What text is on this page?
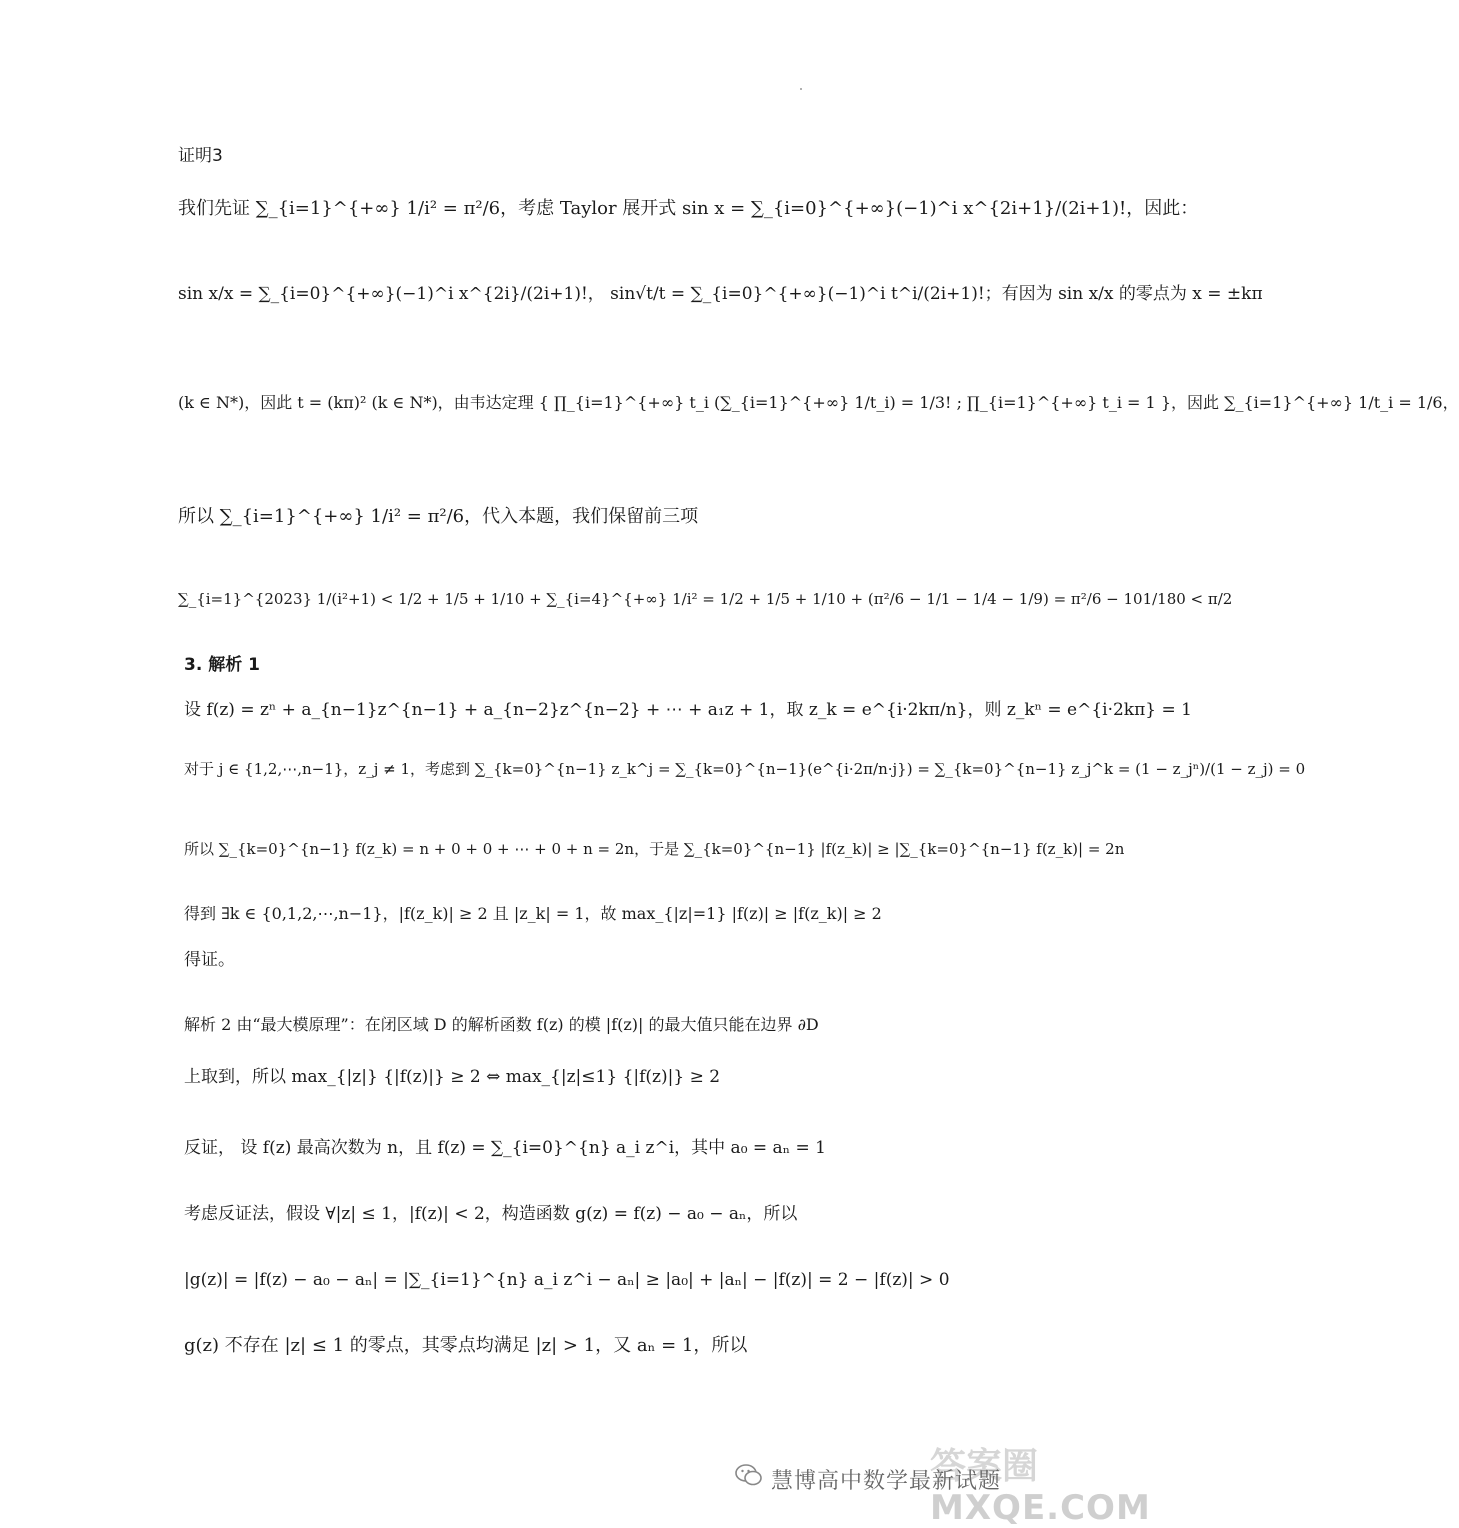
证明3
我们先证 ∑_{i=1}^{+∞} 1/i² = π²/6，考虑 Taylor 展开式 sin x = ∑_{i=0}^{+∞}(−1)^i x^{2i+1}/(2i+1)!，因此：
sin x/x = ∑_{i=0}^{+∞}(−1)^i x^{2i}/(2i+1)!， sin√t/t = ∑_{i=0}^{+∞}(−1)^i t^i/(2i+1)!；有因为 sin x/x 的零点为 x = ±kπ
(k ∈ N*)，因此 t = (kπ)² (k ∈ N*)，由韦达定理 { ∏_{i=1}^{+∞} t_i (∑_{i=1}^{+∞} 1/t_i) = 1/3! ; ∏_{i=1}^{+∞} t_i = 1 }，因此 ∑_{i=1}^{+∞} 1/t_i = 1/6，
所以 ∑_{i=1}^{+∞} 1/i² = π²/6，代入本题，我们保留前三项
∑_{i=1}^{2023} 1/(i²+1) < 1/2 + 1/5 + 1/10 + ∑_{i=4}^{+∞} 1/i² = 1/2 + 1/5 + 1/10 + (π²/6 − 1/1 − 1/4 − 1/9) = π²/6 − 101/180 < π/2
3. 解析 1
设 f(z) = zⁿ + a_{n−1}z^{n−1} + a_{n−2}z^{n−2} + ⋯ + a₁z + 1，取 z_k = e^{i·2kπ/n}，则 z_kⁿ = e^{i·2kπ} = 1
对于 j ∈ {1,2,⋯,n−1}，z_j ≠ 1，考虑到 ∑_{k=0}^{n−1} z_k^j = ∑_{k=0}^{n−1}(e^{i·2π/n·j}) = ∑_{k=0}^{n−1} z_j^k = (1 − z_jⁿ)/(1 − z_j) = 0
所以 ∑_{k=0}^{n−1} f(z_k) = n + 0 + 0 + ⋯ + 0 + n = 2n，于是 ∑_{k=0}^{n−1} |f(z_k)| ≥ |∑_{k=0}^{n−1} f(z_k)| = 2n
得到 ∃k ∈ {0,1,2,⋯,n−1}，|f(z_k)| ≥ 2 且 |z_k| = 1，故 max_{|z|=1} |f(z)| ≥ |f(z_k)| ≥ 2
得证。
解析 2 由“最大模原理”：在闭区域 D 的解析函数 f(z) 的模 |f(z)| 的最大值只能在边界 ∂D
上取到，所以 max_{|z|} {|f(z)|} ≥ 2 ⇔ max_{|z|≤1} {|f(z)|} ≥ 2
反证， 设 f(z) 最高次数为 n，且 f(z) = ∑_{i=0}^{n} a_i z^i，其中 a₀ = aₙ = 1
考虑反证法，假设 ∀|z| ≤ 1，|f(z)| < 2，构造函数 g(z) = f(z) − a₀ − aₙ，所以
|g(z)| = |f(z) − a₀ − aₙ| = |∑_{i=1}^{n} a_i z^i − aₙ| ≥ |a₀| + |aₙ| − |f(z)| = 2 − |f(z)| > 0
g(z) 不存在 |z| ≤ 1 的零点，其零点均满足 |z| > 1，又 aₙ = 1，所以
答案圈
慧博高中数学最新试题
MXQE.COM
